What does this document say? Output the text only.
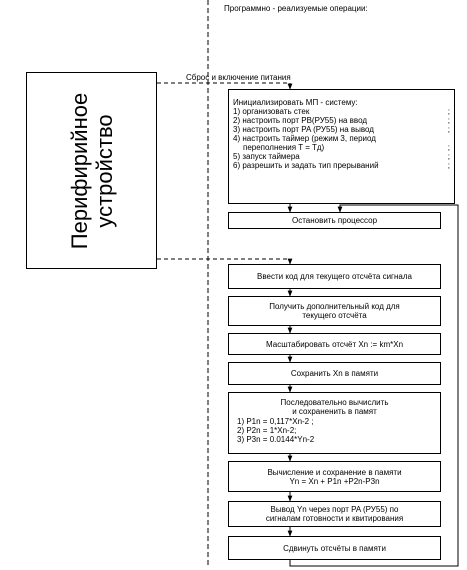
Программно - реализуемые операции:
Сброс и включение питания
Перифирийное устройство
Инициализировать МП - систему:
1) организовать стек	;
2) настроить порт PB(РУ55) на ввод	;
3) настроить порт PA (РУ55) на вывод	;
4) настроить таймер (режим 3, период
переполнения T = Tд)	;
5) запуск таймера	;
6) разрешить и задать тип прерываний	;
Остановить процессор
Ввести код для текущего отсчёта сигнала
Получить дополнительный код для
текущего отсчёта
Масштабировать отсчёт Xn := km*Xn
Сохранить Xn в памяти
Последовательно вычислить
и сохраненить в памят
1) P1n = 0,117*Xn-2 ;
2) P2n = 1*Xn-2;
3) P3n = 0.0144*Yn-2
Вычисление и сохранение в памяти
Yn = Xn + P1n +P2n-P3n
Вывод Yn через порт PA (РУ55) по
сигналам готовности и квитирования
Сдвинуть отсчёты в памяти
